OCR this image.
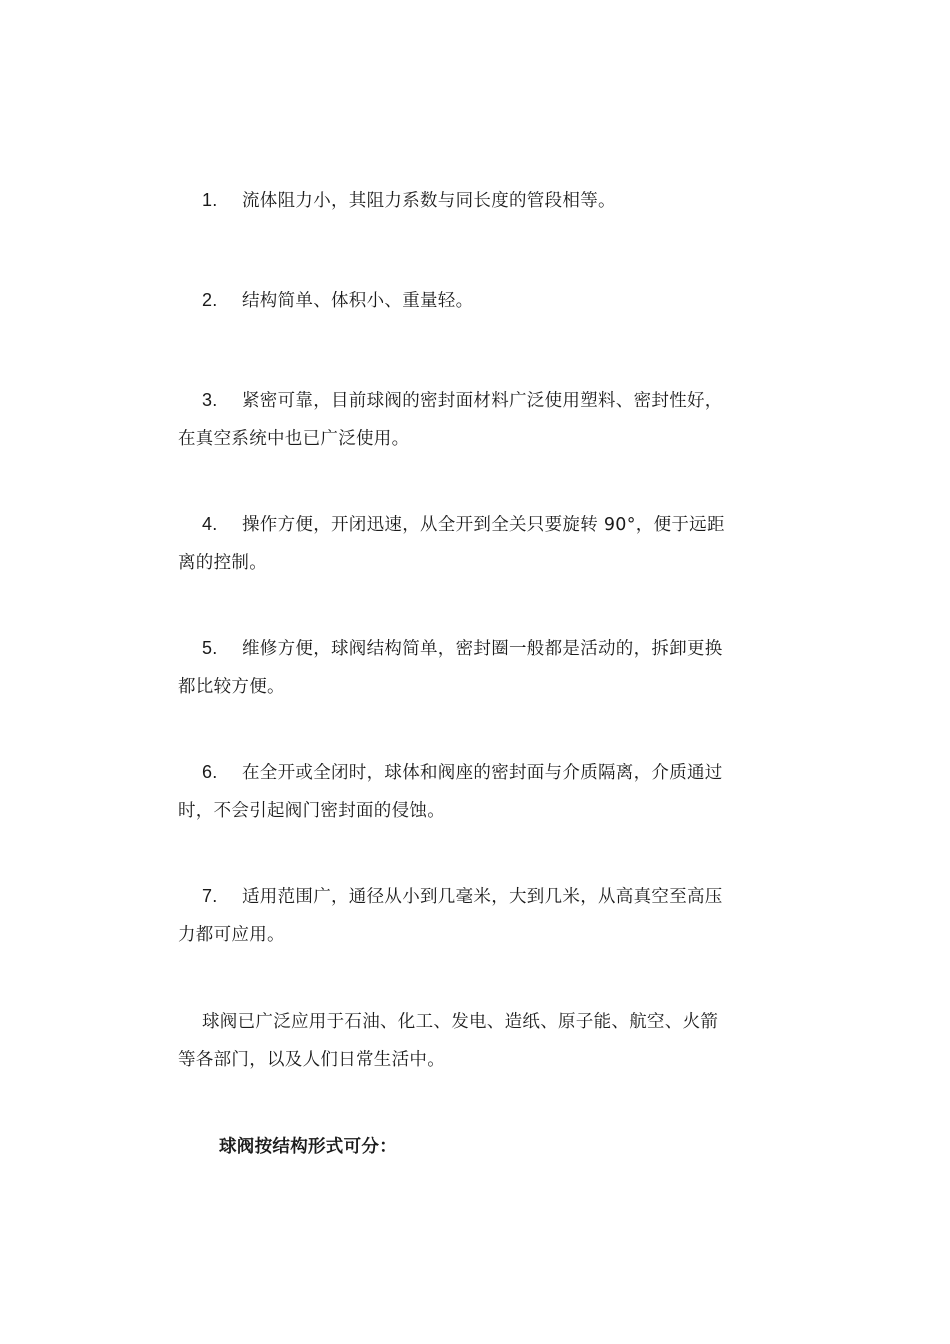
1. 流体阻力小，其阻力系数与同长度的管段相等。
2. 结构简单、体积小、重量轻。
3. 紧密可靠，目前球阀的密封面材料广泛使用塑料、密封性好，
在真空系统中也已广泛使用。
4. 操作方便，开闭迅速，从全开到全关只要旋转 90°，便于远距
离的控制。
5. 维修方便，球阀结构简单，密封圈一般都是活动的，拆卸更换
都比较方便。
6. 在全开或全闭时，球体和阀座的密封面与介质隔离，介质通过
时，不会引起阀门密封面的侵蚀。
7. 适用范围广，通径从小到几毫米，大到几米，从高真空至高压
力都可应用。
球阀已广泛应用于石油、化工、发电、造纸、原子能、航空、火箭
等各部门，以及人们日常生活中。
球阀按结构形式可分：
